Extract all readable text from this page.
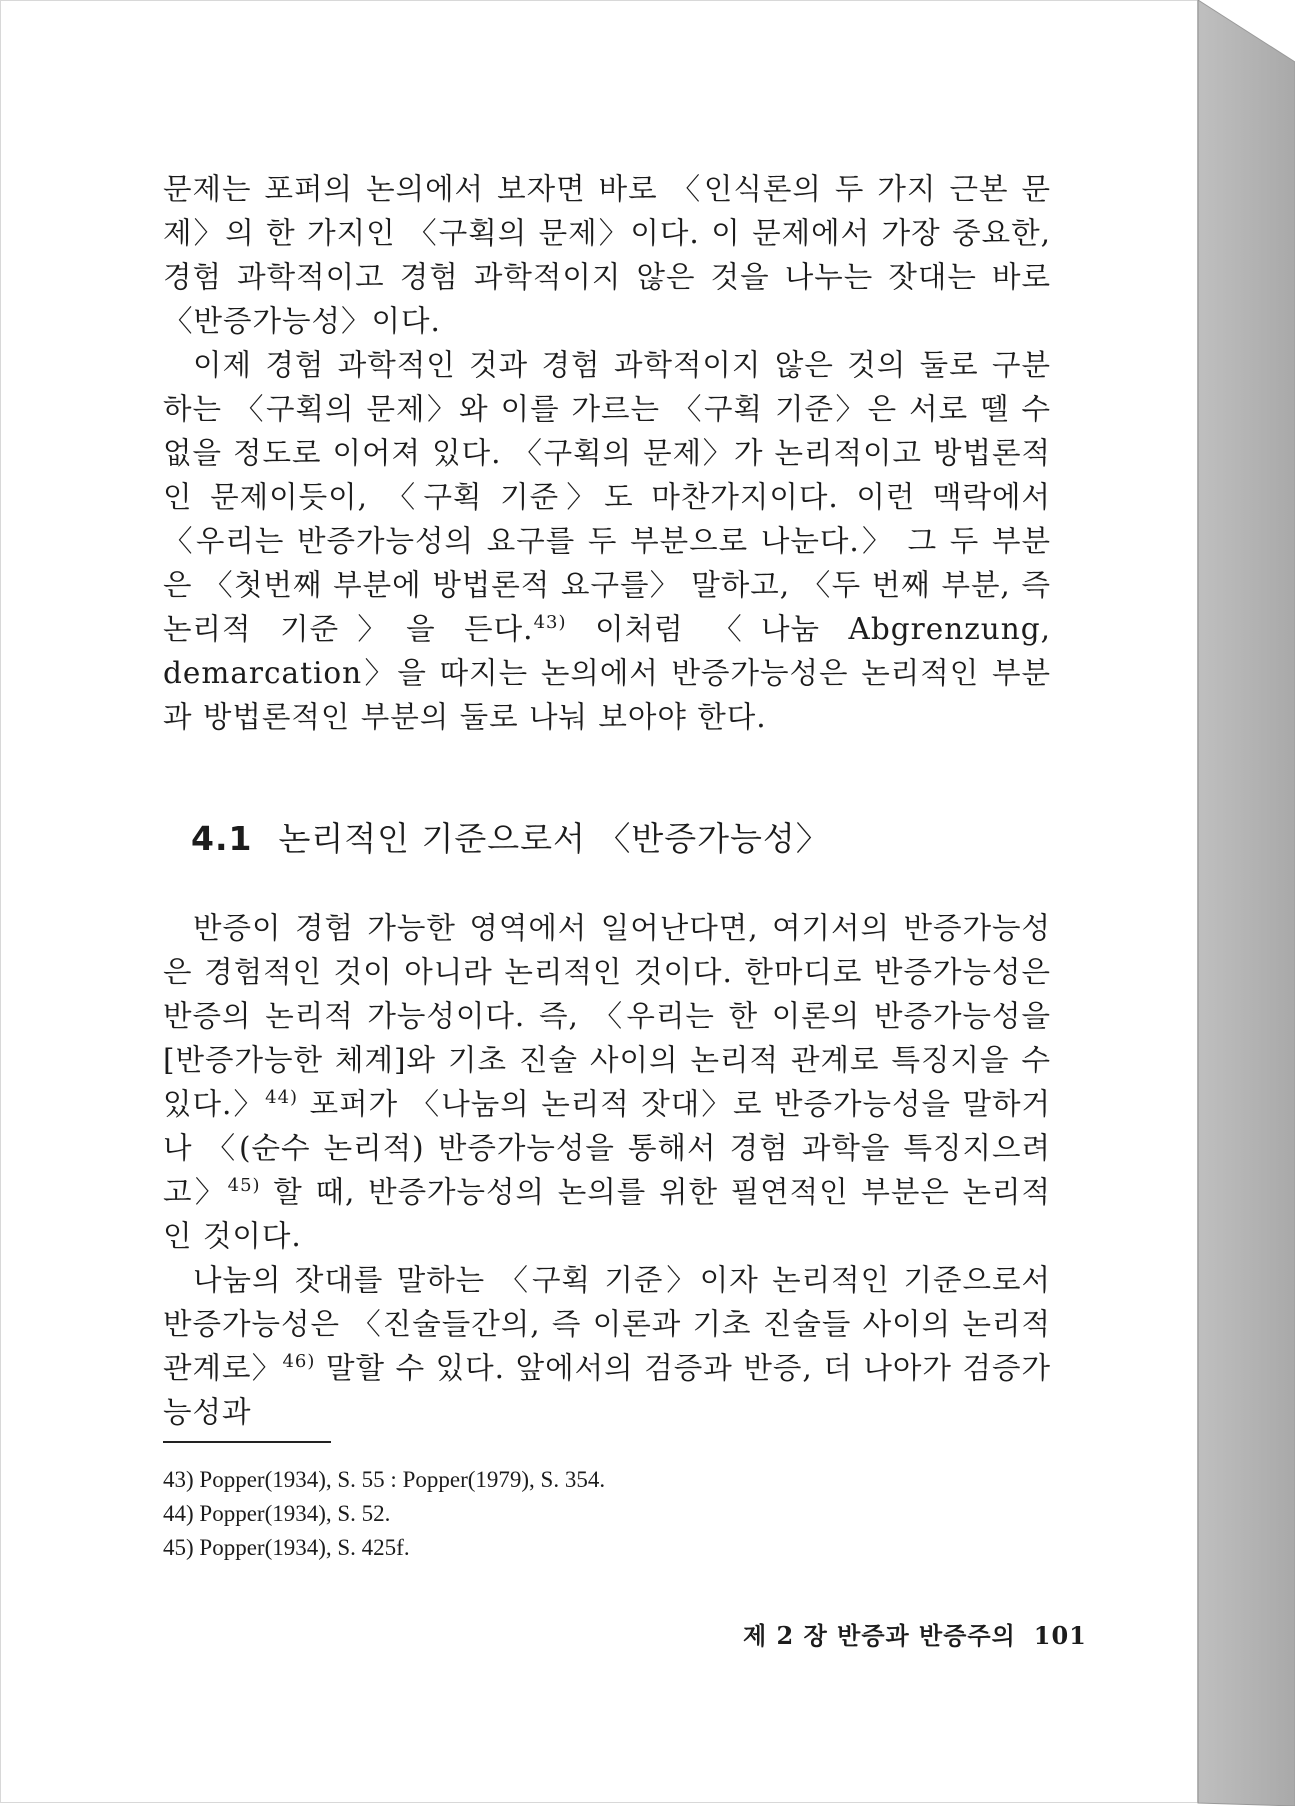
문제는 포퍼의 논의에서 보자면 바로 〈인식론의 두 가지 근본 문제〉의 한 가지인 〈구획의 문제〉이다. 이 문제에서 가장 중요한, 경험 과학적이고 경험 과학적이지 않은 것을 나누는 잣대는 바로 〈반증가능성〉이다.

이제 경험 과학적인 것과 경험 과학적이지 않은 것의 둘로 구분하는 〈구획의 문제〉와 이를 가르는 〈구획 기준〉은 서로 뗄 수 없을 정도로 이어져 있다. 〈구획의 문제〉가 논리적이고 방법론적인 문제이듯이, 〈구획 기준〉도 마찬가지이다. 이런 맥락에서 〈우리는 반증가능성의 요구를 두 부분으로 나눈다.〉 그 두 부분은 〈첫번째 부분에 방법론적 요구를〉 말하고, 〈두 번째 부분, 즉 논리적 기준〉을 든다.$^{43)}$ 이처럼 〈나눔 Abgrenzung, demarcation〉을 따지는 논의에서 반증가능성은 논리적인 부분과 방법론적인 부분의 둘로 나눠 보아야 한다.

4.1 논리적인 기준으로서 〈반증가능성〉

반증이 경험 가능한 영역에서 일어난다면, 여기서의 반증가능성은 경험적인 것이 아니라 논리적인 것이다. 한마디로 반증가능성은 반증의 논리적 가능성이다. 즉, 〈우리는 한 이론의 반증가능성을 [반증가능한 체계]와 기초 진술 사이의 논리적 관계로 특징지을 수 있다.〉$^{44)}$ 포퍼가 〈나눔의 논리적 잣대〉로 반증가능성을 말하거나 〈(순수 논리적) 반증가능성을 통해서 경험 과학을 특징지으려고〉$^{45)}$ 할 때, 반증가능성의 논의를 위한 필연적인 부분은 논리적인 것이다.

나눔의 잣대를 말하는 〈구획 기준〉이자 논리적인 기준으로서 반증가능성은 〈진술들간의, 즉 이론과 기초 진술들 사이의 논리적 관계로〉$^{46)}$ 말할 수 있다. 앞에서의 검증과 반증, 더 나아가 검증가능성과

43) Popper(1934), S. 55 : Popper(1979), S. 354.

44) Popper(1934), S. 52.

45) Popper(1934), S. 425f.

제 2 장 반증과 반증주의 101
